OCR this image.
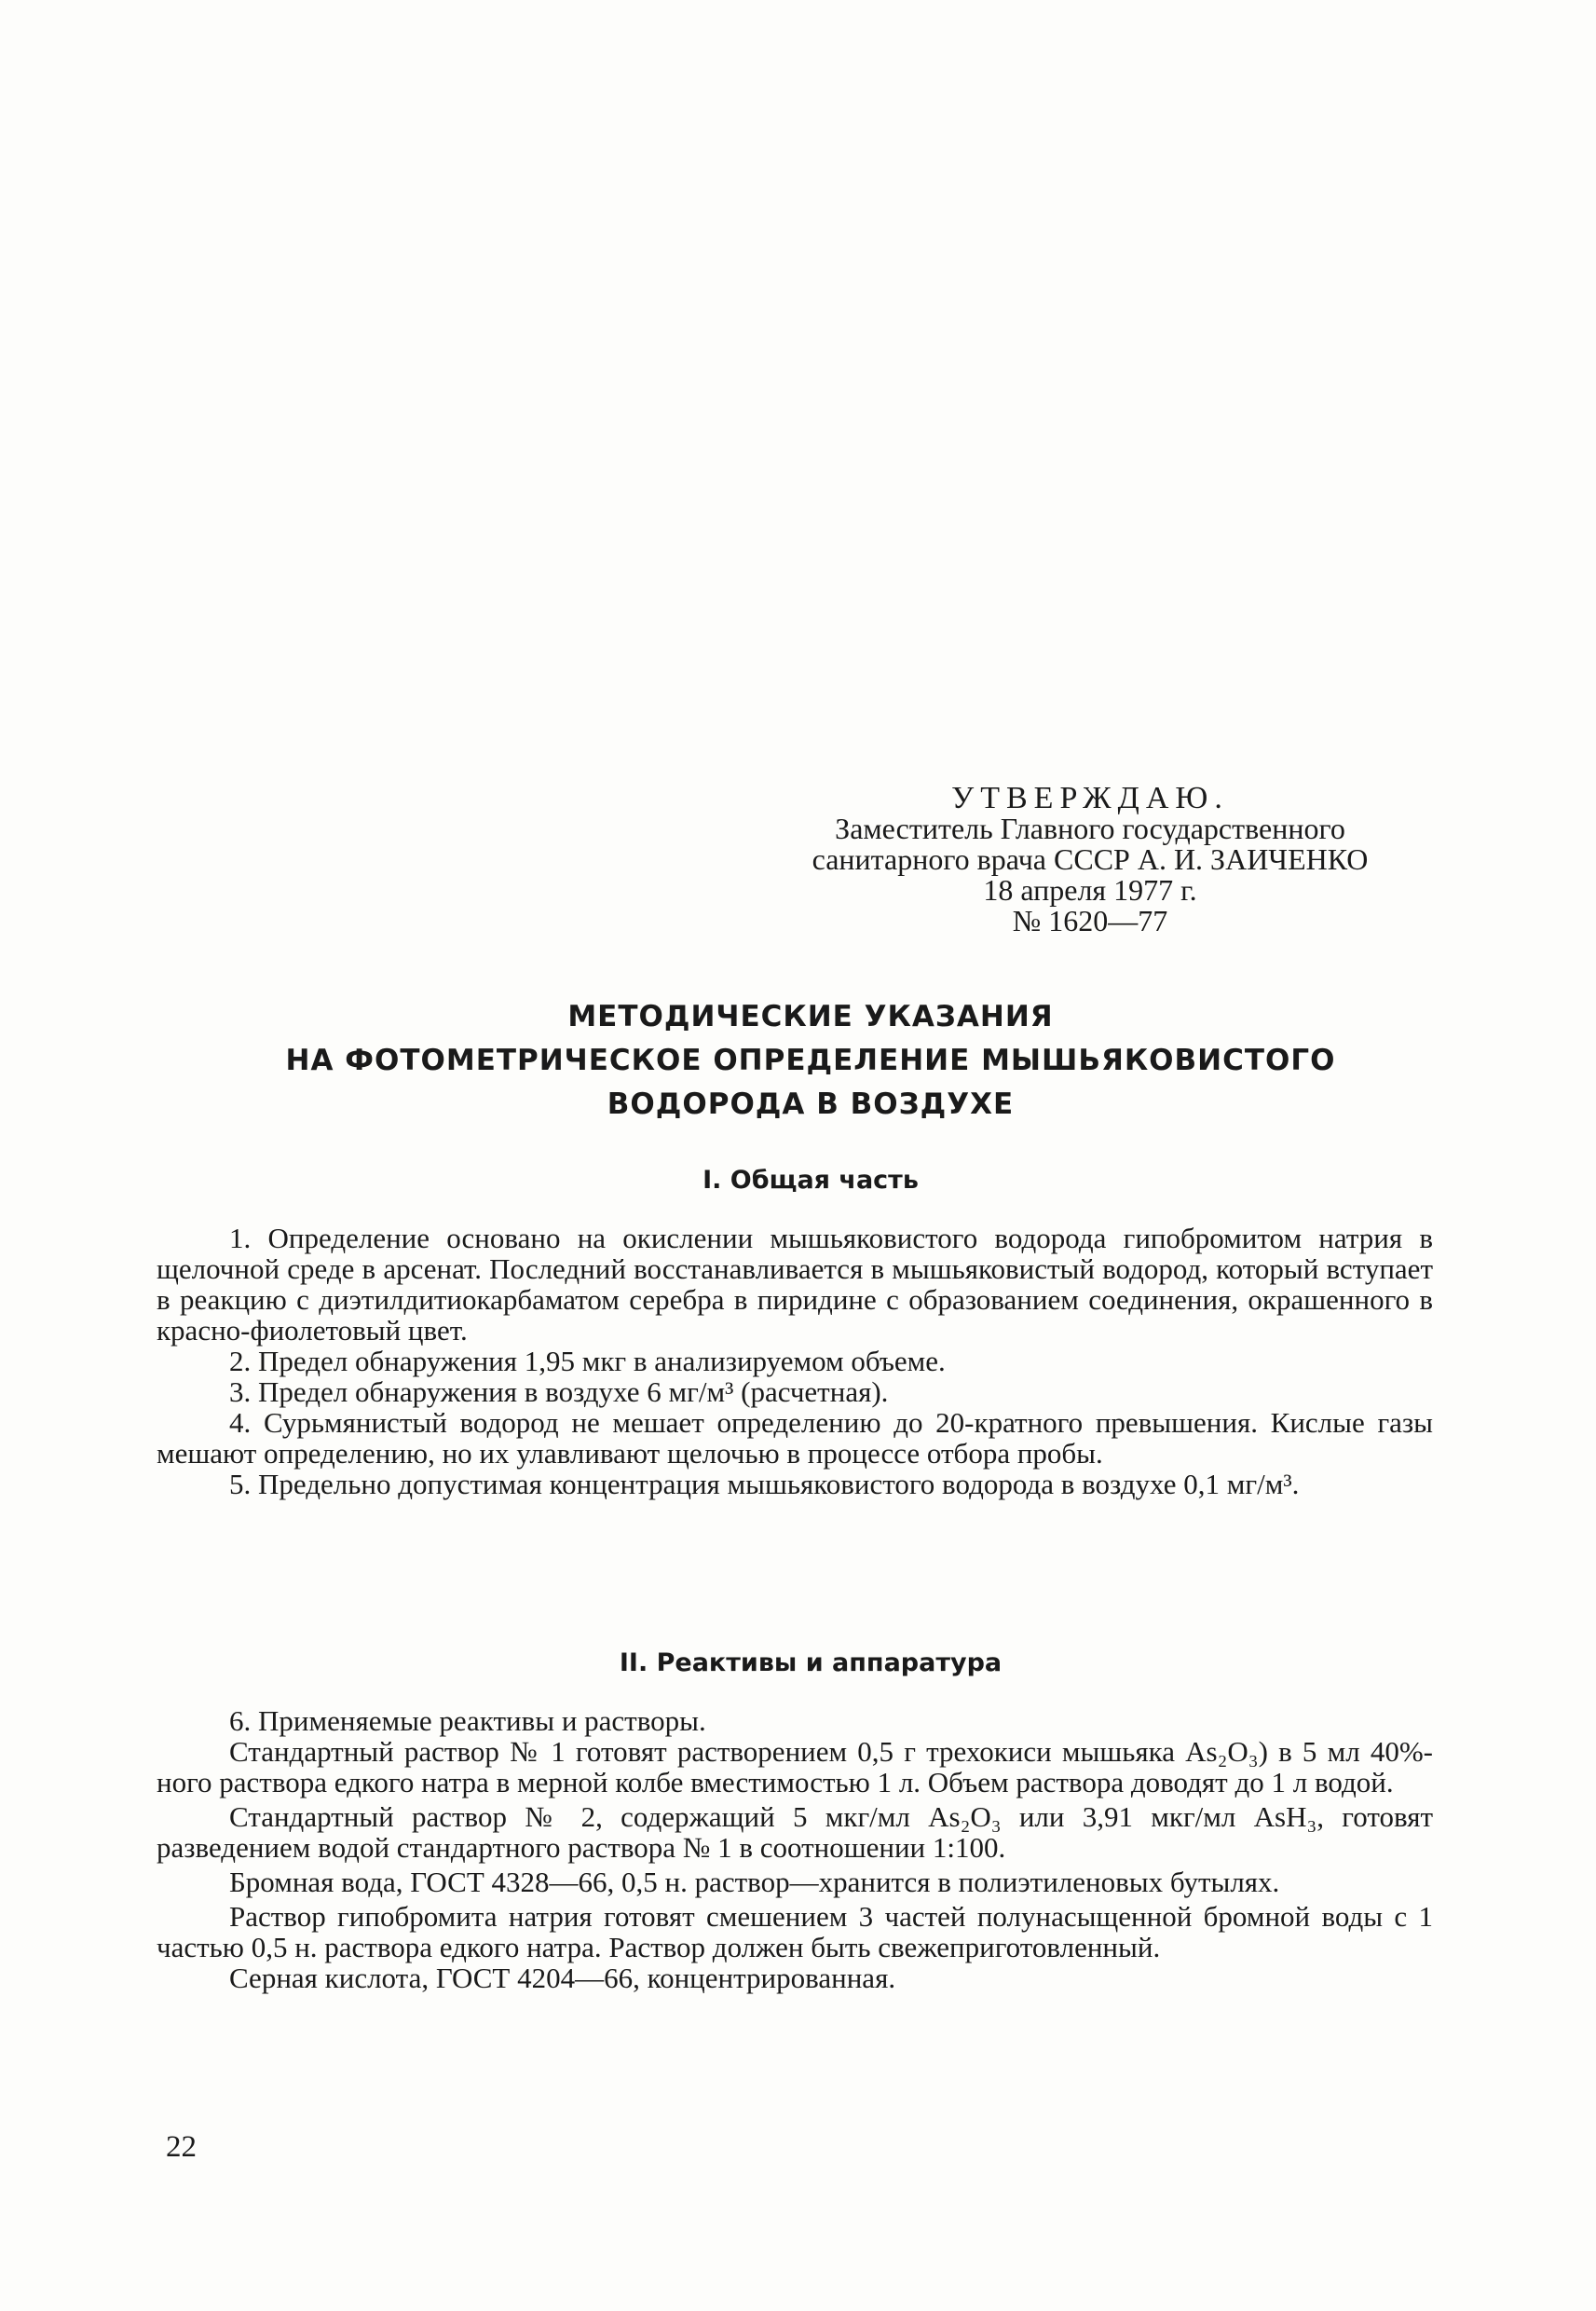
УТВЕРЖДАЮ.
Заместитель Главного государственного
санитарного врача СССР А. И. ЗАИЧЕНКО
18 апреля 1977 г.
№ 1620—77
МЕТОДИЧЕСКИЕ УКАЗАНИЯ
НА ФОТОМЕТРИЧЕСКОЕ ОПРЕДЕЛЕНИЕ МЫШЬЯКОВИСТОГО
ВОДОРОДА В ВОЗДУХЕ
I. Общая часть

1. Определение основано на окислении мышьяковистого водорода гипобромитом натрия в щелочной среде в арсенат. Последний восстанавливается в мышьяковистый водород, который вступает в реакцию с диэтилдитиокарбаматом серебра в пиридине с образованием соединения, окрашенного в красно-фиолетовый цвет.

2. Предел обнаружения 1,95 мкг в анализируемом объеме.

3. Предел обнаружения в воздухе 6 мг/м³ (расчетная).

4. Сурьмянистый водород не мешает определению до 20-кратного превышения. Кислые газы мешают определению, но их улавливают щелочью в процессе отбора пробы.

5. Предельно допустимая концентрация мышьяковистого водорода в воздухе 0,1 мг/м³.

II. Реактивы и аппаратура

6. Применяемые реактивы и растворы.

Стандартный раствор № 1 готовят растворением 0,5 г трехокиси мышьяка As₂O₃) в 5 мл 40%-ного раствора едкого натра в мерной колбе вместимостью 1 л. Объем раствора доводят до 1 л водой.

Стандартный раствор № 2, содержащий 5 мкг/мл As₂O₃ или 3,91 мкг/мл AsH₃, готовят разведением водой стандартного раствора № 1 в соотношении 1:100.

Бромная вода, ГОСТ 4328—66, 0,5 н. раствор—хранится в полиэтиленовых бутылях.

Раствор гипобромита натрия готовят смешением 3 частей полунасыщенной бромной воды с 1 частью 0,5 н. раствора едкого натра. Раствор должен быть свежеприготовленный.

Серная кислота, ГОСТ 4204—66, концентрированная.

22
